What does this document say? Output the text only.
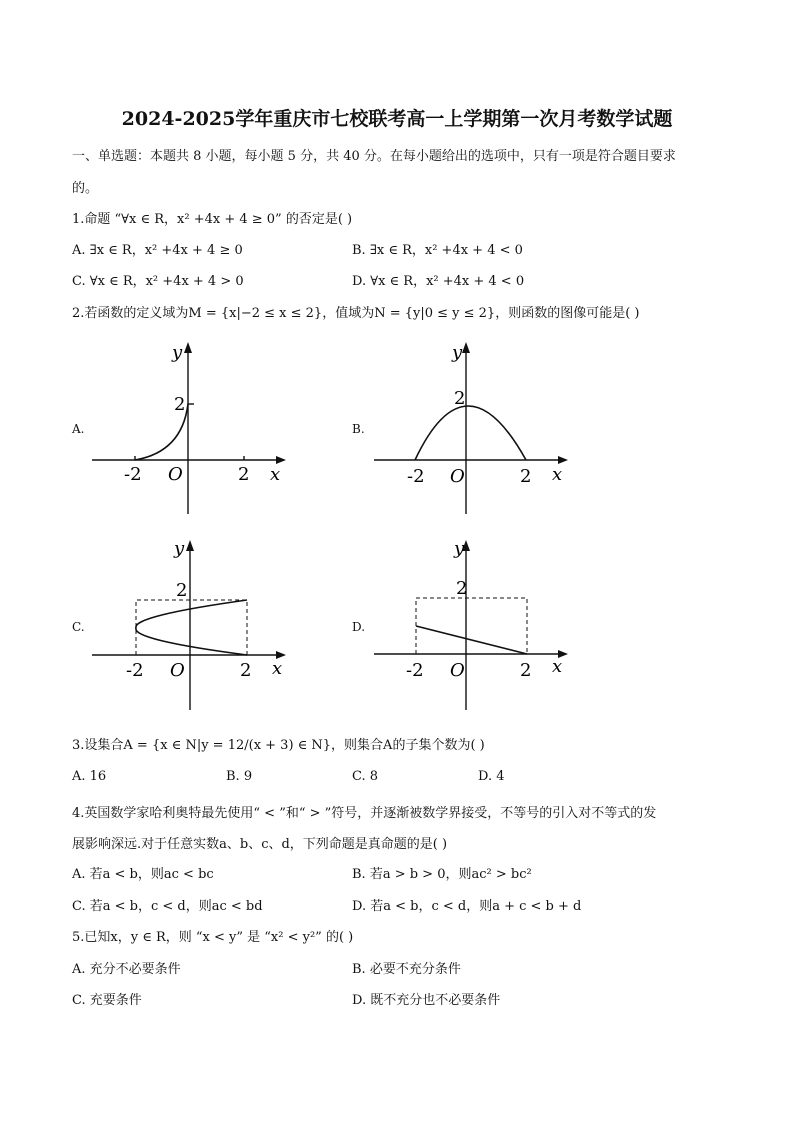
2024-2025学年重庆市七校联考高一上学期第一次月考数学试题
一、单选题：本题共 8 小题，每小题 5 分，共 40 分。在每小题给出的选项中，只有一项是符合题目要求
的。
1.命题 “∀x ∈ R，x² +4x + 4 ≥ 0” 的否定是( )
A. ∃x ∈ R，x² +4x + 4 ≥ 0	B. ∃x ∈ R，x² +4x + 4 < 0
C. ∀x ∈ R，x² +4x + 4 > 0	D. ∀x ∈ R，x² +4x + 4 < 0
2.若函数的定义域为M = {x|−2 ≤ x ≤ 2}，值域为N = {y|0 ≤ y ≤ 2}，则函数的图像可能是( )
A.	B.
C.	D.
y
x
O
-2	2
2
y
x
O
-2	2
2
y
x
O
-2	2
2
y
x
O
-2	2
2
3.设集合A = {x ∈ N|y = 12/(x + 3) ∈ N}，则集合A的子集个数为( )
A. 16	B. 9	C. 8	D. 4
4.英国数学家哈利奥特最先使用“ < ”和“ > ”符号，并逐渐被数学界接受，不等号的引入对不等式的发
展影响深远.对于任意实数a、b、c、d，下列命题是真命题的是( )
A. 若a < b，则ac < bc	B. 若a > b > 0，则ac² > bc²
C. 若a < b，c < d，则ac < bd	D. 若a < b，c < d，则a + c < b + d
5.已知x，y ∈ R，则 “x < y” 是 “x² < y²” 的( )
A. 充分不必要条件	B. 必要不充分条件
C. 充要条件	D. 既不充分也不必要条件
